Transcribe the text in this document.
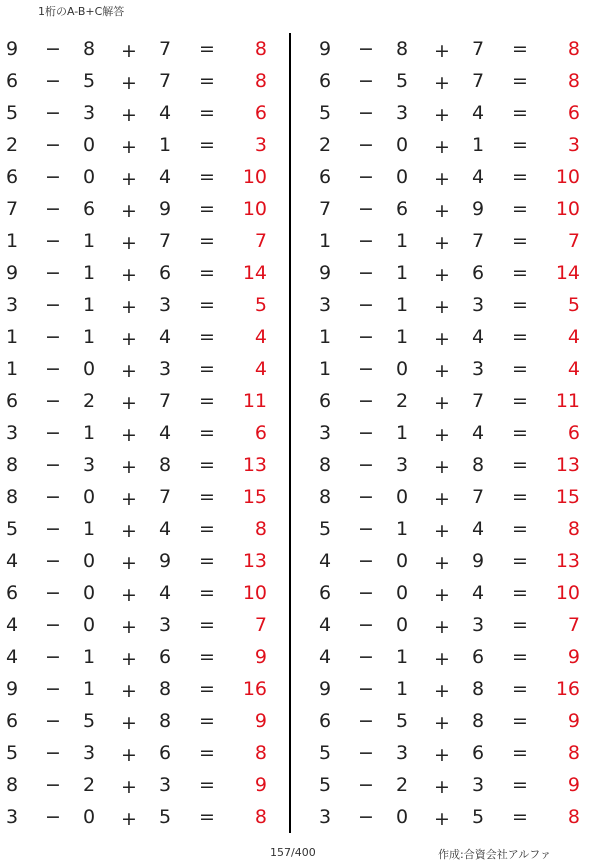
1桁のA-B+C解答
9 − 8 + 7 = 8
6 − 5 + 7 = 8
5 − 3 + 4 = 6
2 − 0 + 1 = 3
6 − 0 + 4 = 10
7 − 6 + 9 = 10
1 − 1 + 7 = 7
9 − 1 + 6 = 14
3 − 1 + 3 = 5
1 − 1 + 4 = 4
1 − 0 + 3 = 4
6 − 2 + 7 = 11
3 − 1 + 4 = 6
8 − 3 + 8 = 13
8 − 0 + 7 = 15
5 − 1 + 4 = 8
4 − 0 + 9 = 13
6 − 0 + 4 = 10
4 − 0 + 3 = 7
4 − 1 + 6 = 9
9 − 1 + 8 = 16
6 − 5 + 8 = 9
5 − 3 + 6 = 8
8 − 2 + 3 = 9
3 − 0 + 5 = 8
9 − 8 + 7 = 8
6 − 5 + 7 = 8
5 − 3 + 4 = 6
2 − 0 + 1 = 3
6 − 0 + 4 = 10
7 − 6 + 9 = 10
1 − 1 + 7 = 7
9 − 1 + 6 = 14
3 − 1 + 3 = 5
1 − 1 + 4 = 4
1 − 0 + 3 = 4
6 − 2 + 7 = 11
3 − 1 + 4 = 6
8 − 3 + 8 = 13
8 − 0 + 7 = 15
5 − 1 + 4 = 8
4 − 0 + 9 = 13
6 − 0 + 4 = 10
4 − 0 + 3 = 7
4 − 1 + 6 = 9
9 − 1 + 8 = 16
6 − 5 + 8 = 9
5 − 3 + 6 = 8
5 − 2 + 3 = 9
3 − 0 + 5 = 8
157/400	作成:合資会社アルファ
